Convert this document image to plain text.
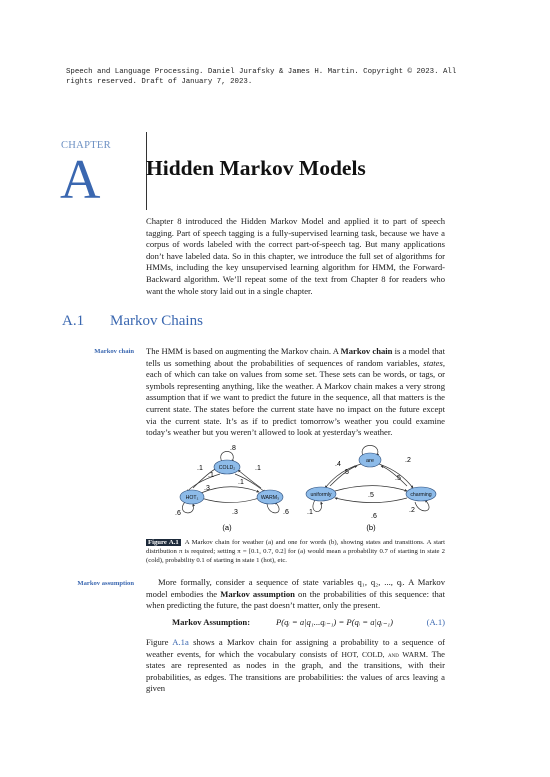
Speech and Language Processing. Daniel Jurafsky & James H. Martin. Copyright © 2023. All
rights reserved. Draft of January 7, 2023.
CHAPTER
A Hidden Markov Models
Chapter 8 introduced the Hidden Markov Model and applied it to part of speech tagging. Part of speech tagging is a fully-supervised learning task, because we have a corpus of words labeled with the correct part-of-speech tag. But many applications don’t have labeled data. So in this chapter, we introduce the full set of algorithms for HMMs, including the key unsupervised learning algorithm for HMM, the Forward-Backward algorithm. We’ll repeat some of the text from Chapter 8 for readers who want the whole story laid out in a single chapter.
A.1 Markov Chains
Markov chain The HMM is based on augmenting the Markov chain. A Markov chain is a model that tells us something about the probabilities of sequences of random variables, states, each of which can take on values from some set. These sets can be words, or tags, or symbols representing anything, like the weather. A Markov chain makes a very strong assumption that if we want to predict the future in the sequence, all that matters is the current state. The states before the current state have no impact on the future except via the current state. It’s as if to predict tomorrow’s weather you could examine today’s weather but you weren’t allowed to look at yesterday’s weather.
COLD₂
HOT₁	WARM₃
.8
.1
.1
.1
.3
.1
.6	.3	.6
(a)
are
uniformly	charming
.4
.2
.5
.5
.5
.1	.2
.6
(b)
Figure A.1 A Markov chain for weather (a) and one for words (b), showing states and transitions. A start distribution π is required; setting π = [0.1, 0.7, 0.2] for (a) would mean a probability 0.7 of starting in state 2 (cold), probability 0.1 of starting in state 1 (hot), etc.
Markov assumption	More formally, consider a sequence of state variables q₁, q₂, ..., qᵢ. A Markov model embodies the Markov assumption on the probabilities of this sequence: that when predicting the future, the past doesn’t matter, only the present.
Markov Assumption:	P(qᵢ = a|q₁...qᵢ₋₁) = P(qᵢ = a|qᵢ₋₁)	(A.1)
Figure A.1a shows a Markov chain for assigning a probability to a sequence of weather events, for which the vocabulary consists of HOT, COLD, and WARM. The states are represented as nodes in the graph, and the transitions, with their probabilities, as edges. The transitions are probabilities: the values of arcs leaving a given
